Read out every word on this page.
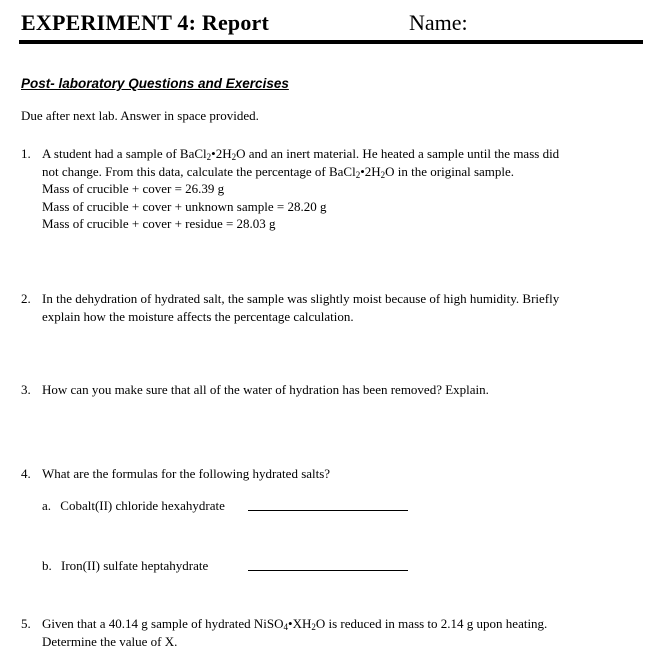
EXPERIMENT 4: Report	Name:
Post- laboratory Questions and Exercises
Due after next lab. Answer in space provided.
1. A student had a sample of $BaCl_2•2H_2O$ and an inert material. He heated a sample until the mass did
not change. From this data, calculate the percentage of $BaCl_2•2H_2O$ in the original sample.
Mass of crucible + cover = 26.39 g
Mass of crucible + cover + unknown sample = 28.20 g
Mass of crucible + cover + residue = 28.03 g
2. In the dehydration of hydrated salt, the sample was slightly moist because of high humidity. Briefly
explain how the moisture affects the percentage calculation.
3. How can you make sure that all of the water of hydration has been removed? Explain.
4. What are the formulas for the following hydrated salts?
a. Cobalt(II) chloride hexahydrate
b. Iron(II) sulfate heptahydrate
5. Given that a 40.14 g sample of hydrated $NiSO_4•XH_2O$ is reduced in mass to 2.14 g upon heating.
Determine the value of X.
